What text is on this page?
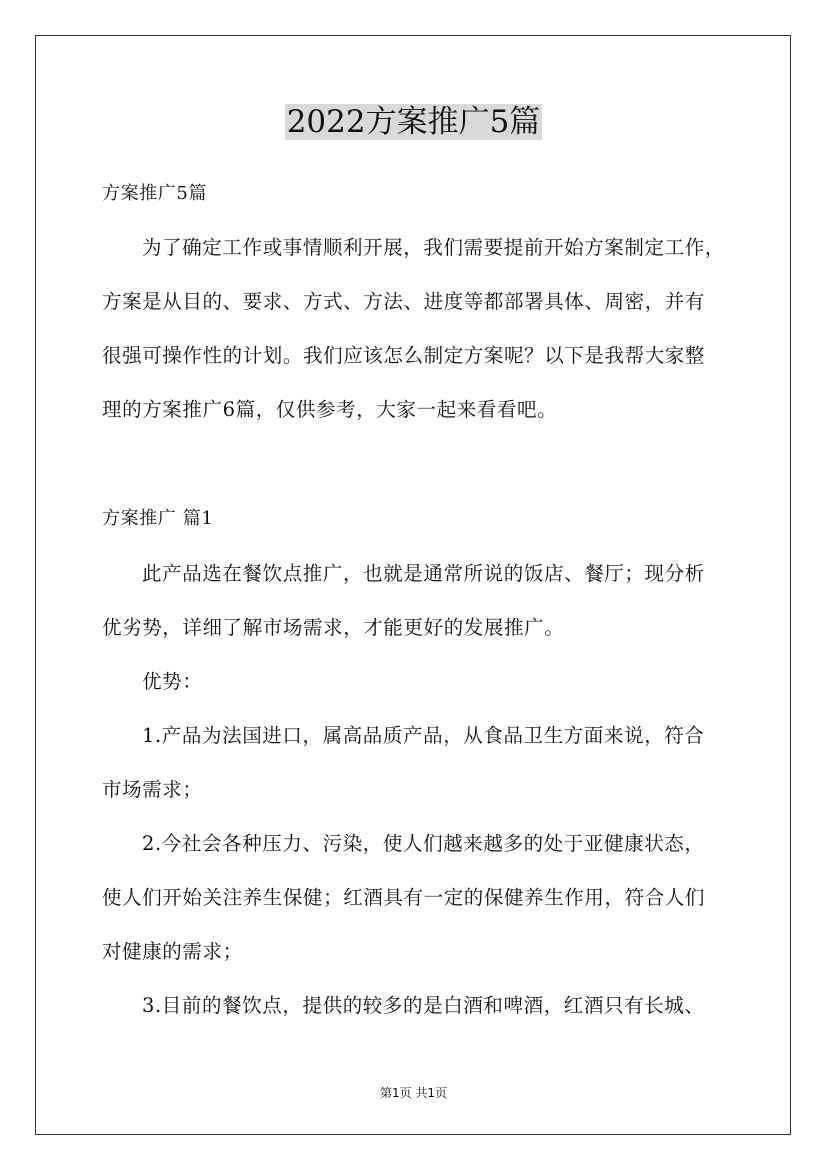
2022方案推广5篇
方案推广5篇
为了确定工作或事情顺利开展，我们需要提前开始方案制定工作，
方案是从目的、要求、方式、方法、进度等都部署具体、周密，并有
很强可操作性的计划。我们应该怎么制定方案呢？以下是我帮大家整
理的方案推广6篇，仅供参考，大家一起来看看吧。
方案推广 篇1
此产品选在餐饮点推广，也就是通常所说的饭店、餐厅；现分析
优劣势，详细了解市场需求，才能更好的发展推广。
优势：
1.产品为法国进口，属高品质产品，从食品卫生方面来说，符合
市场需求；
2.今社会各种压力、污染，使人们越来越多的处于亚健康状态，
使人们开始关注养生保健；红酒具有一定的保健养生作用，符合人们
对健康的需求；
3.目前的餐饮点，提供的较多的是白酒和啤酒，红酒只有长城、
第1页 共1页
